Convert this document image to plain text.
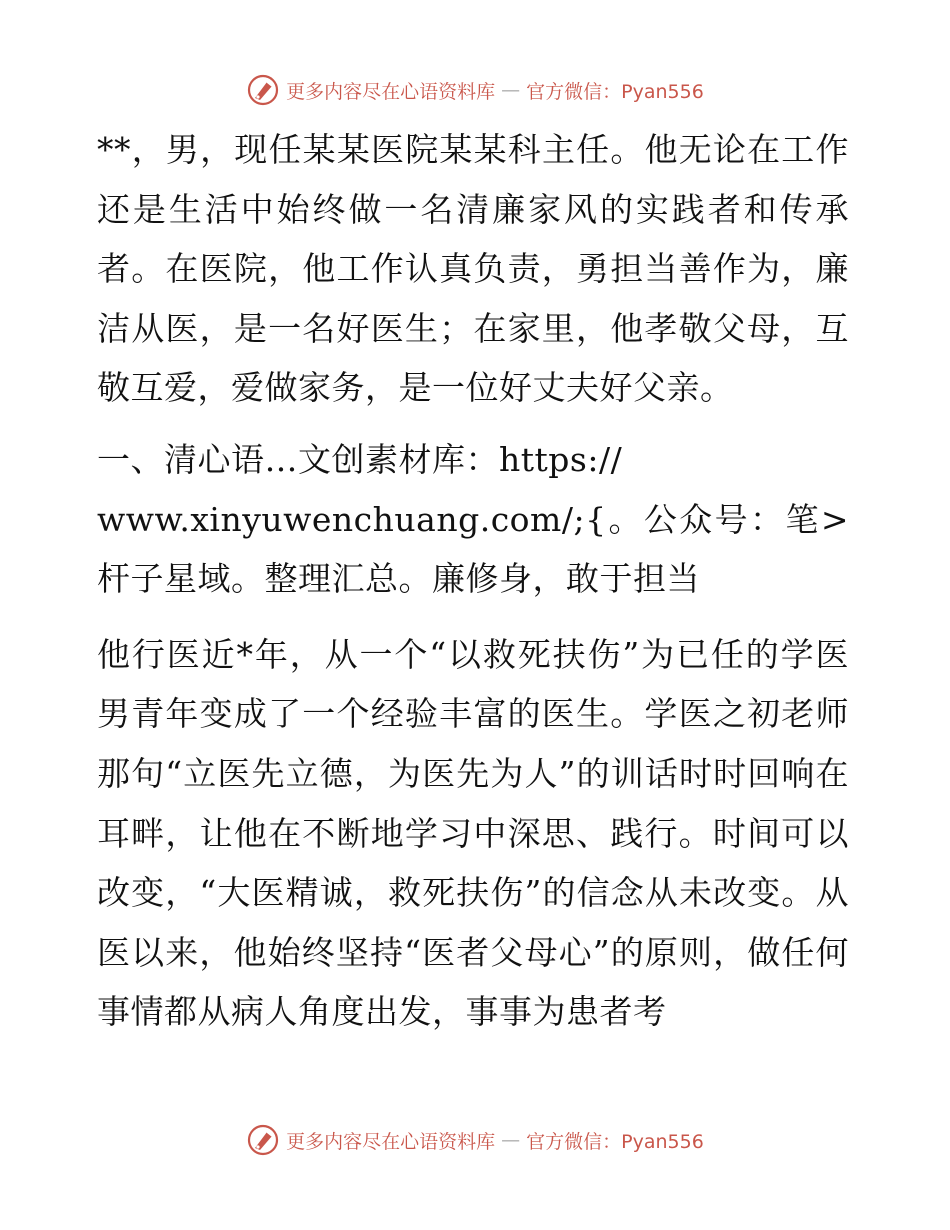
更多内容尽在心语资料库 — 官方微信：Pyan556

**，男，现任某某医院某某科主任。他无论在工作还是生活中始终做一名清廉家风的实践者和传承者。在医院，他工作认真负责，勇担当善作为，廉洁从医，是一名好医生；在家里，他孝敬父母，互敬互爱，爱做家务，是一位好丈夫好父亲。

一、清心语…文创素材库：https://
www.xinyuwenchuang.com/;{。公众号：笔>杆子星域。整理汇总。廉修身，敢于担当

他行医近*年，从一个“以救死扶伤”为已任的学医男青年变成了一个经验丰富的医生。学医之初老师那句“立医先立德，为医先为人”的训话时时回响在耳畔，让他在不断地学习中深思、践行。时间可以改变，“大医精诚，救死扶伤”的信念从未改变。从医以来，他始终坚持“医者父母心”的原则，做任何事情都从病人角度出发，事事为患者考

更多内容尽在心语资料库 — 官方微信：Pyan556
